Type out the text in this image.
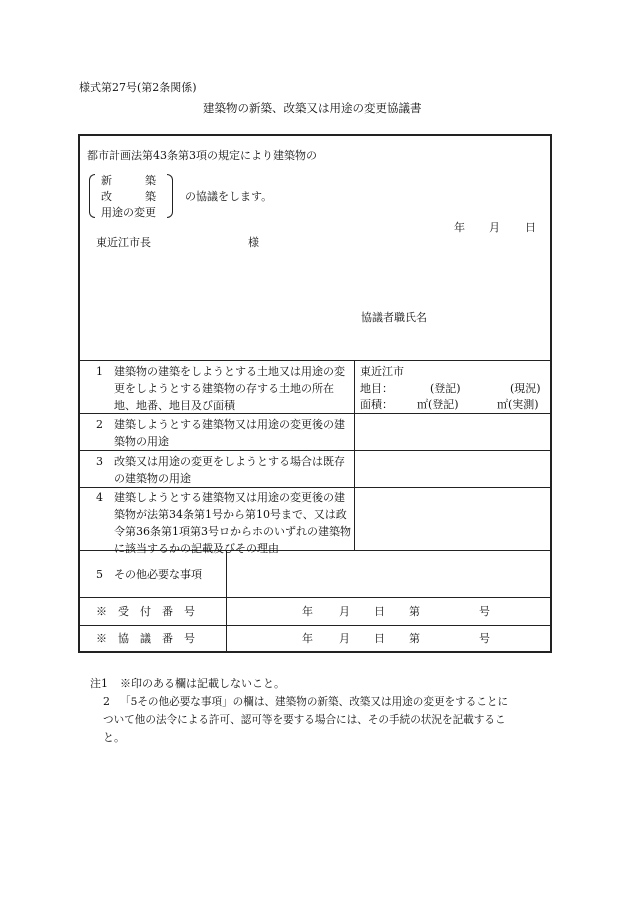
様式第27号(第2条関係)
建築物の新築、改築又は用途の変更協議書
都市計画法第43条第3項の規定により建築物の
新	築
改	築
用途の変更
の協議をします。
年 月 日
東近江市長	様
協議者職氏名
1 建築物の建築をしようとする土地又は用途の変更をしようとする建築物の存する土地の所在地、地番、地目及び面積
東近江市
地目：	(登記)	(現況)
面積： ㎡(登記)	㎡(実測)
2 建築しようとする建築物又は用途の変更後の建築物の用途
3 改築又は用途の変更をしようとする場合は既存の建築物の用途
4 建築しようとする建築物又は用途の変更後の建築物が法第34条第1号から第10号まで、又は政令第36条第1項第3号ロからホのいずれの建築物に該当するかの記載及びその理由
5 その他必要な事項
※　受　付　番　号	年 月 日 第	号
※　協　議　番　号	年 月 日 第	号
注1 ※印のある欄は記載しないこと。
2 「5その他必要な事項」の欄は、建築物の新築、改築又は用途の変更をすることに
ついて他の法令による許可、認可等を要する場合には、その手続の状況を記載するこ
と。
